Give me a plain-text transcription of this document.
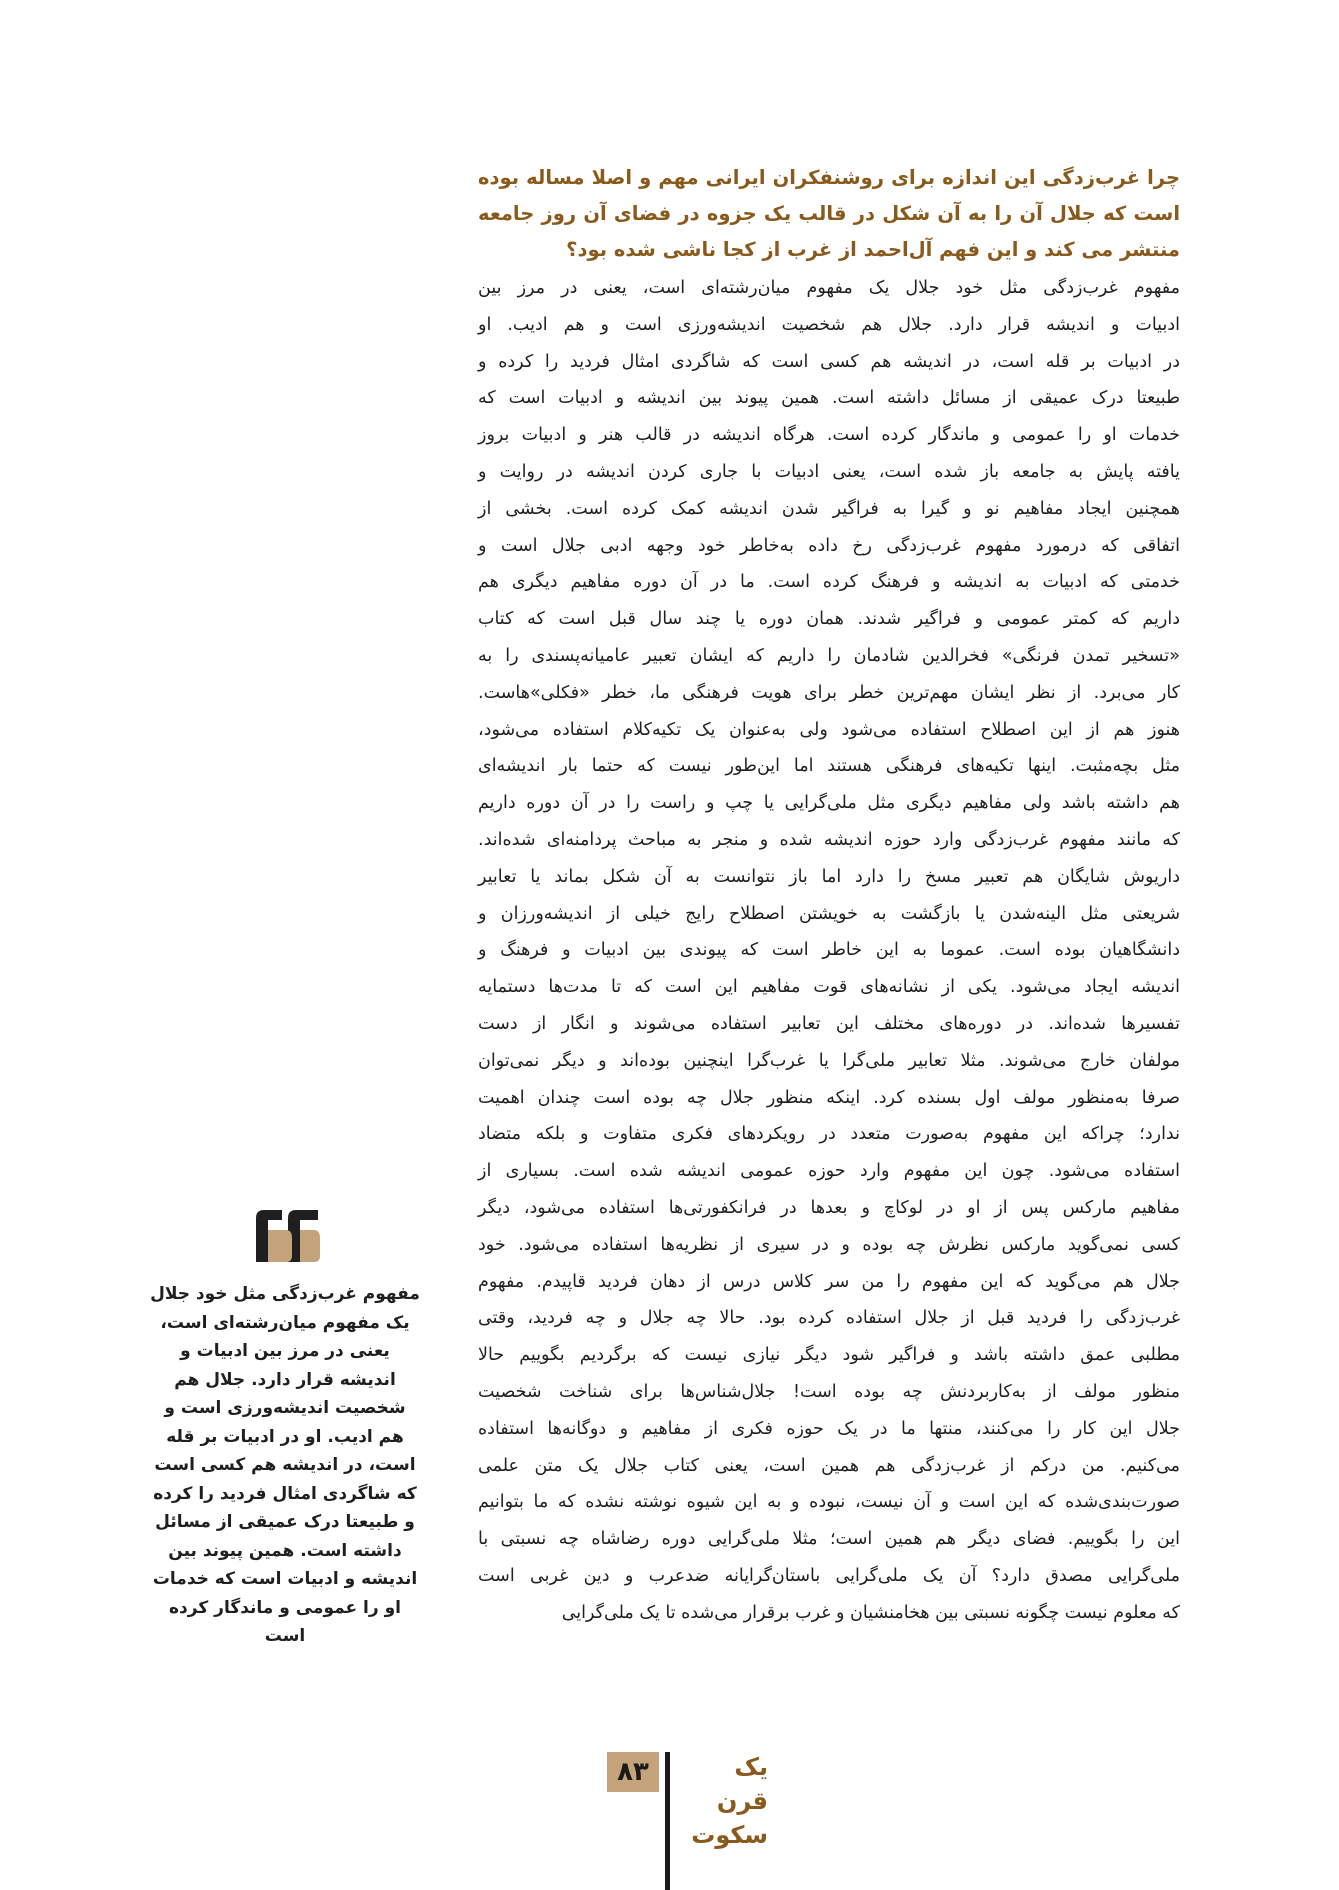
چرا غرب‌زدگی این اندازه برای روشنفکران ایرانی مهم و اصلا مساله بوده است که جلال آن را به آن شکل در قالب یک جزوه در فضای آن روز جامعه منتشر می کند و این فهم آل‌احمد از غرب از کجا ناشی شده بود؟

مفهوم غرب‌زدگی مثل خود جلال یک مفهوم میان‌رشته‌ای است، یعنی در مرز بین

ادبیات و اندیشه قرار دارد. جلال هم شخصیت اندیشه‌ورزی است و هم ادیب. او

در ادبیات بر قله است، در اندیشه هم کسی است که شاگردی امثال فردید را کرده و

طبیعتا درک عمیقی از مسائل داشته است. همین پیوند بین اندیشه و ادبیات است که

خدمات او را عمومی و ماندگار کرده است. هرگاه اندیشه در قالب هنر و ادبیات بروز

یافته پایش به جامعه باز شده است، یعنی ادبیات با جاری کردن اندیشه در روایت و

همچنین ایجاد مفاهیم نو و گیرا به فراگیر شدن اندیشه کمک کرده است. بخشی از

اتفاقی که درمورد مفهوم غرب‌زدگی رخ داده به‌خاطر خود وجهه ادبی جلال است و

خدمتی که ادبیات به اندیشه و فرهنگ کرده است. ما در آن دوره مفاهیم دیگری هم

داریم که کمتر عمومی و فراگیر شدند. همان دوره یا چند سال قبل است که کتاب

«تسخیر تمدن فرنگی» فخرالدین شادمان را داریم که ایشان تعبیر عامیانه‌پسندی را به

کار می‌برد. از نظر ایشان مهم‌ترین خطر برای هویت فرهنگی ما، خطر «فکلی»هاست.

هنوز هم از این اصطلاح استفاده می‌شود ولی به‌عنوان یک تکیه‌کلام استفاده می‌شود،

مثل بچه‌مثبت. اینها تکیه‌های فرهنگی هستند اما این‌طور نیست که حتما بار اندیشه‌ای

هم داشته باشد ولی مفاهیم دیگری مثل ملی‌گرایی یا چپ و راست را در آن دوره داریم

که مانند مفهوم غرب‌زدگی وارد حوزه اندیشه شده و منجر به مباحث پردامنه‌ای شده‌اند.

داریوش شایگان هم تعبیر مسخ را دارد اما باز نتوانست به آن شکل بماند یا تعابیر

شریعتی مثل الینه‌شدن یا بازگشت به خویشتن اصطلاح رایج خیلی از اندیشه‌ورزان و

دانشگاهیان بوده است. عموما به این خاطر است که پیوندی بین ادبیات و فرهنگ و

اندیشه ایجاد می‌شود. یکی از نشانه‌های قوت مفاهیم این است که تا مدت‌ها دستمایه

تفسیرها شده‌اند. در دوره‌های مختلف این تعابیر استفاده می‌شوند و انگار از دست

مولفان خارج می‌شوند. مثلا تعابیر ملی‌گرا یا غرب‌گرا اینچنین بوده‌اند و دیگر نمی‌توان

صرفا به‌منظور مولف اول بسنده کرد. اینکه منظور جلال چه بوده است چندان اهمیت

ندارد؛ چراکه این مفهوم به‌صورت متعدد در رویکردهای فکری متفاوت و بلکه متضاد

استفاده می‌شود. چون این مفهوم وارد حوزه عمومی اندیشه شده است. بسیاری از

مفاهیم مارکس پس از او در لوکاچ و بعدها در فرانکفورتی‌ها استفاده می‌شود، دیگر

کسی نمی‌گوید مارکس نظرش چه بوده و در سیری از نظریه‌ها استفاده می‌شود. خود

جلال هم می‌گوید که این مفهوم را من سر کلاس درس از دهان فردید قاپیدم. مفهوم

غرب‌زدگی را فردید قبل از جلال استفاده کرده بود. حالا چه جلال و چه فردید، وقتی

مطلبی عمق داشته باشد و فراگیر شود دیگر نیازی نیست که برگردیم بگوییم حالا

منظور مولف از به‌کاربردنش چه بوده است! جلال‌شناس‌ها برای شناخت شخصیت

جلال این کار را می‌کنند، منتها ما در یک حوزه فکری از مفاهیم و دوگانه‌ها استفاده

می‌کنیم. من درکم از غرب‌زدگی هم همین است، یعنی کتاب جلال یک متن علمی

صورت‌بندی‌شده که این است و آن نیست، نبوده و به این شیوه نوشته نشده که ما بتوانیم

این را بگوییم. فضای دیگر هم همین است؛ مثلا ملی‌گرایی دوره رضاشاه چه نسبتی با

ملی‌گرایی مصدق دارد؟ آن یک ملی‌گرایی باستان‌گرایانه ضدعرب و دین غربی است

که معلوم نیست چگونه نسبتی بین هخامنشیان و غرب برقرار می‌شده تا یک ملی‌گرایی

مفهوم غرب‌زدگی مثل خود جلال یک مفهوم میان‌رشته‌ای است، یعنی در مرز بین ادبیات و اندیشه قرار دارد. جلال هم شخصیت اندیشه‌ورزی است و هم ادیب. او در ادبیات بر قله است، در اندیشه هم کسی است که شاگردی امثال فردید را کرده و طبیعتا درک عمیقی از مسائل داشته است. همین پیوند بین اندیشه و ادبیات است که خدمات او را عمومی و ماندگار کرده است

۸۳	یک قرن
سکوت
